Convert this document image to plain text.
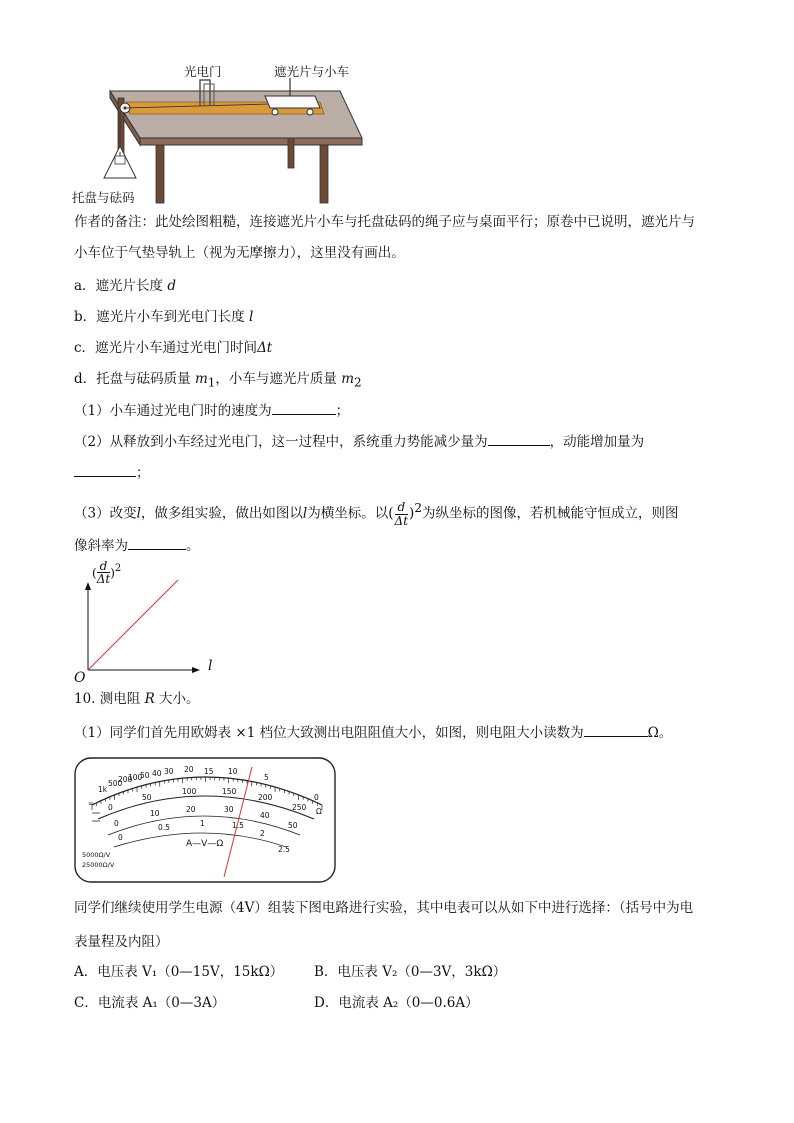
光电门	遮光片与小车
托盘与砝码
作者的备注：此处绘图粗糙，连接遮光片小车与托盘砝码的绳子应与桌面平行；原卷中已说明，遮光片与
小车位于气垫导轨上（视为无摩擦力），这里没有画出。
a．遮光片长度 d
b．遮光片小车到光电门长度 l
c．遮光片小车通过光电门时间Δt
d．托盘与砝码质量 $m_1$，小车与遮光片质量 $m_2$
（1）小车通过光电门时的速度为	；
（2）从释放到小车经过光电门，这一过程中，系统重力势能减少量为	，动能增加量为
；
（3）改变l，做多组实验，做出如图以l为横坐标。以( $\frac{d}{\Delta t} )^2$为纵坐标的图像，若机械能守恒成立，则图
像斜率为	。
( $\frac{d}{\Delta t} )^2$
l
O
10. 测电阻 R 大小。
（1）同学们首先用欧姆表 ×1 档位大致测出电阻阻值大小，如图，则电阻大小读数为	Ω。
∞
1k
500
200
100
50 40 30 20 15 10
5
0
Ω
0
50
100	150
200
250
0
10	20	30
40
50
0
0.5	1	1.5
2
2.5
A—V—Ω
5000Ω/V
25000Ω/V
同学们继续使用学生电源（4V）组装下图电路进行实验，其中电表可以从如下中进行选择：（括号中为电
表量程及内阻）
A．电压表 V₁（0—15V，15kΩ） B．电压表 V₂（0—3V，3kΩ）
C．电流表 A₁（0—3A）	D．电流表 A₂（0—0.6A）
